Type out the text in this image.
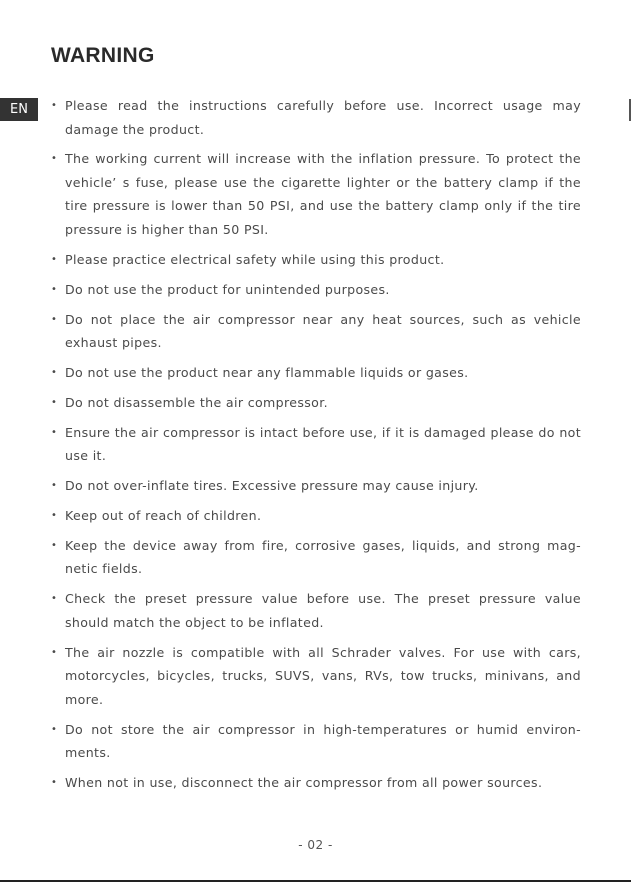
WARNING
EN	• Please read the instructions carefully before use. Incorrect usage may damage the product.
• The working current will increase with the inflation pressure. To protect the vehicle’ s fuse, please use the cigarette lighter or the battery clamp if the tire pressure is lower than 50 PSI, and use the battery clamp only if the tire pressure is higher than 50 PSI.
• Please practice electrical safety while using this product.
• Do not use the product for unintended purposes.
• Do not place the air compressor near any heat sources, such as vehicle exhaust pipes.
• Do not use the product near any flammable liquids or gases.
• Do not disassemble the air compressor.
• Ensure the air compressor is intact before use, if it is damaged please do not use it.
• Do not over-inflate tires. Excessive pressure may cause injury.
• Keep out of reach of children.
• Keep the device away from fire, corrosive gases, liquids, and strong mag-netic fields.
• Check the preset pressure value before use. The preset pressure value should match the object to be inflated.
• The air nozzle is compatible with all Schrader valves. For use with cars, motorcycles, bicycles, trucks, SUVS, vans, RVs, tow trucks, minivans, and more.
• Do not store the air compressor in high-temperatures or humid environ-ments.
• When not in use, disconnect the air compressor from all power sources.
- 02 -
